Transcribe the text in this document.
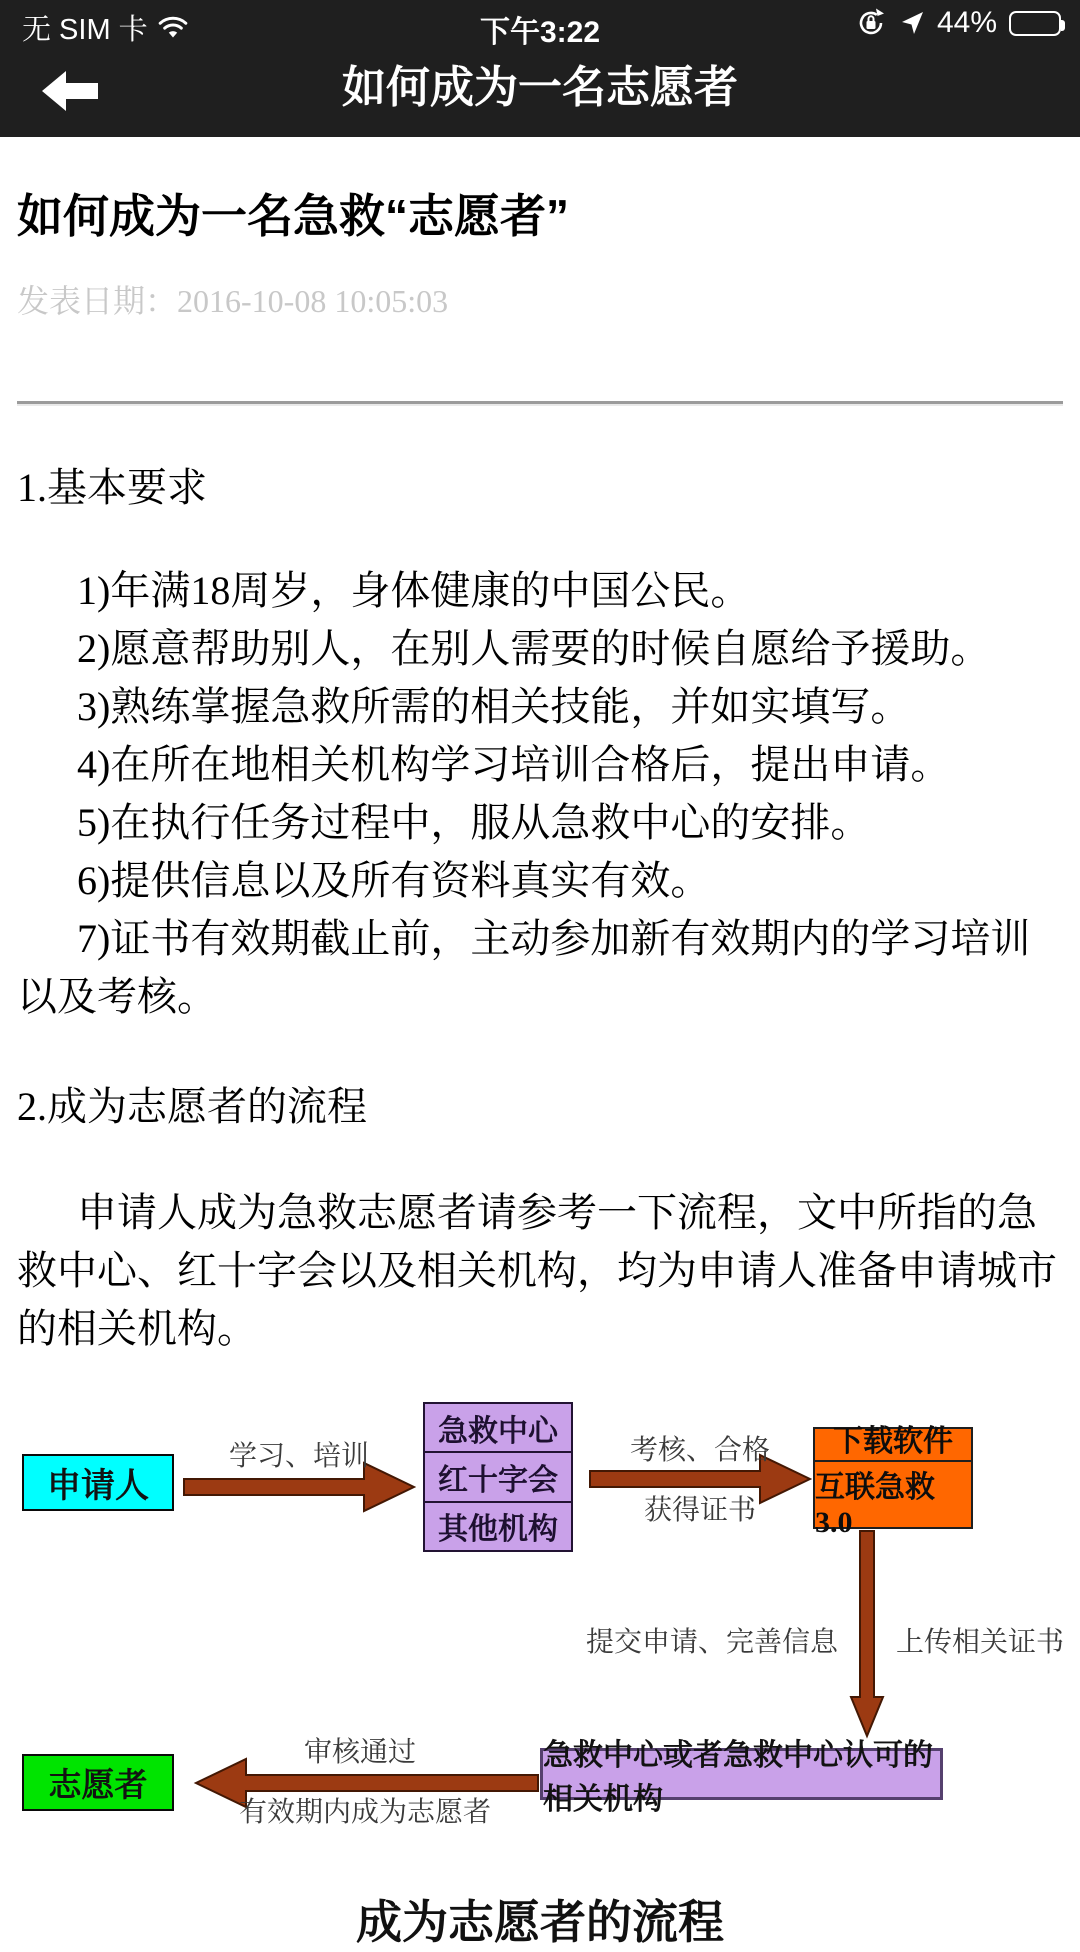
无 SIM 卡	下午3:22	44%
如何成为一名志愿者
如何成为一名急救“志愿者”
发表日期：2016-10-08 10:05:03
1.基本要求
1)年满18周岁，身体健康的中国公民。
2)愿意帮助别人，在别人需要的时候自愿给予援助。
3)熟练掌握急救所需的相关技能，并如实填写。
4)在所在地相关机构学习培训合格后，提出申请。
5)在执行任务过程中，服从急救中心的安排。
6)提供信息以及所有资料真实有效。
7)证书有效期截止前，主动参加新有效期内的学习培训以及考核。
2.成为志愿者的流程
申请人成为急救志愿者请参考一下流程，文中所指的急救中心、红十字会以及相关机构，均为申请人准备申请城市的相关机构。
申请人
学习、培训
急救中心
红十字会
其他机构
考核、合格
获得证书
下载软件
互联急救3.0
提交申请、完善信息 上传相关证书
急救中心或者急救中心认可的相关机构
审核通过
有效期内成为志愿者
志愿者
成为志愿者的流程
